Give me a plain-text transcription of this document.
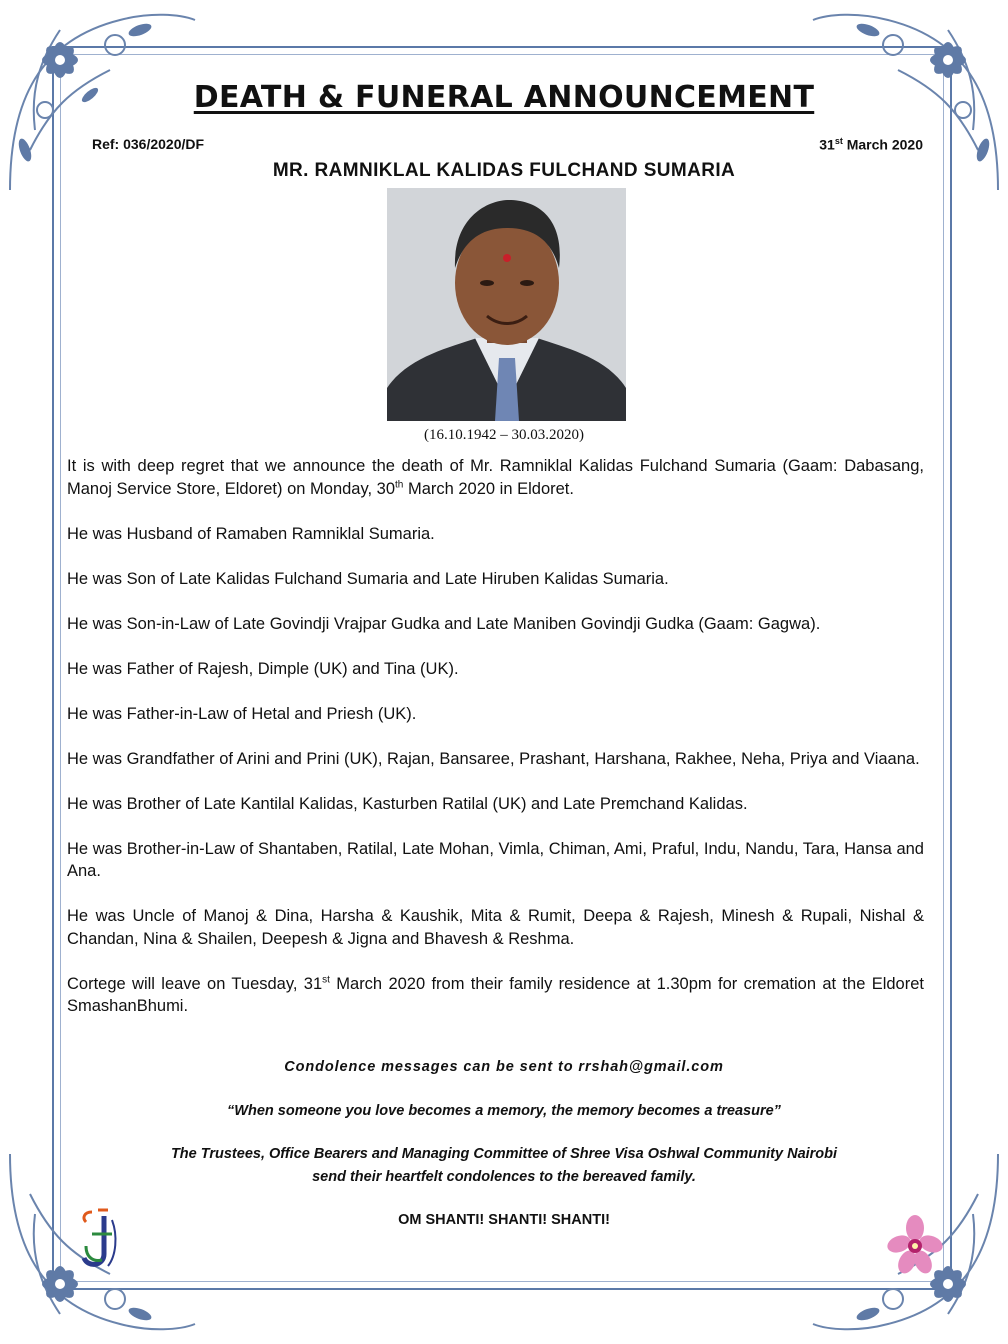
DEATH & FUNERAL ANNOUNCEMENT
Ref: 036/2020/DF	31st March 2020
MR. RAMNIKLAL KALIDAS FULCHAND SUMARIA
(16.10.1942 – 30.03.2020)

It is with deep regret that we announce the death of Mr. Ramniklal Kalidas Fulchand Sumaria (Gaam: Dabasang, Manoj Service Store, Eldoret) on Monday, 30th March 2020 in Eldoret.

He was Husband of Ramaben Ramniklal Sumaria.

He was Son of Late Kalidas Fulchand Sumaria and Late Hiruben Kalidas Sumaria.

He was Son-in-Law of Late Govindji Vrajpar Gudka and Late Maniben Govindji Gudka (Gaam: Gagwa).

He was Father of Rajesh, Dimple (UK) and Tina (UK).

He was Father-in-Law of Hetal and Priesh (UK).

He was Grandfather of Arini and Prini (UK), Rajan, Bansaree, Prashant, Harshana, Rakhee, Neha, Priya and Viaana.

He was Brother of Late Kantilal Kalidas, Kasturben Ratilal (UK) and Late Premchand Kalidas.

He was Brother-in-Law of Shantaben, Ratilal, Late Mohan, Vimla, Chiman, Ami, Praful, Indu, Nandu, Tara, Hansa and Ana.

He was Uncle of Manoj & Dina, Harsha & Kaushik, Mita & Rumit, Deepa & Rajesh, Minesh & Rupali, Nishal & Chandan, Nina & Shailen, Deepesh & Jigna and Bhavesh & Reshma.

Cortege will leave on Tuesday, 31st March 2020 from their family residence at 1.30pm for cremation at the Eldoret SmashanBhumi.

Condolence messages can be sent to rrshah@gmail.com
“When someone you love becomes a memory, the memory becomes a treasure”
The Trustees, Office Bearers and Managing Committee of Shree Visa Oshwal Community Nairobi
send their heartfelt condolences to the bereaved family.
OM SHANTI! SHANTI! SHANTI!
